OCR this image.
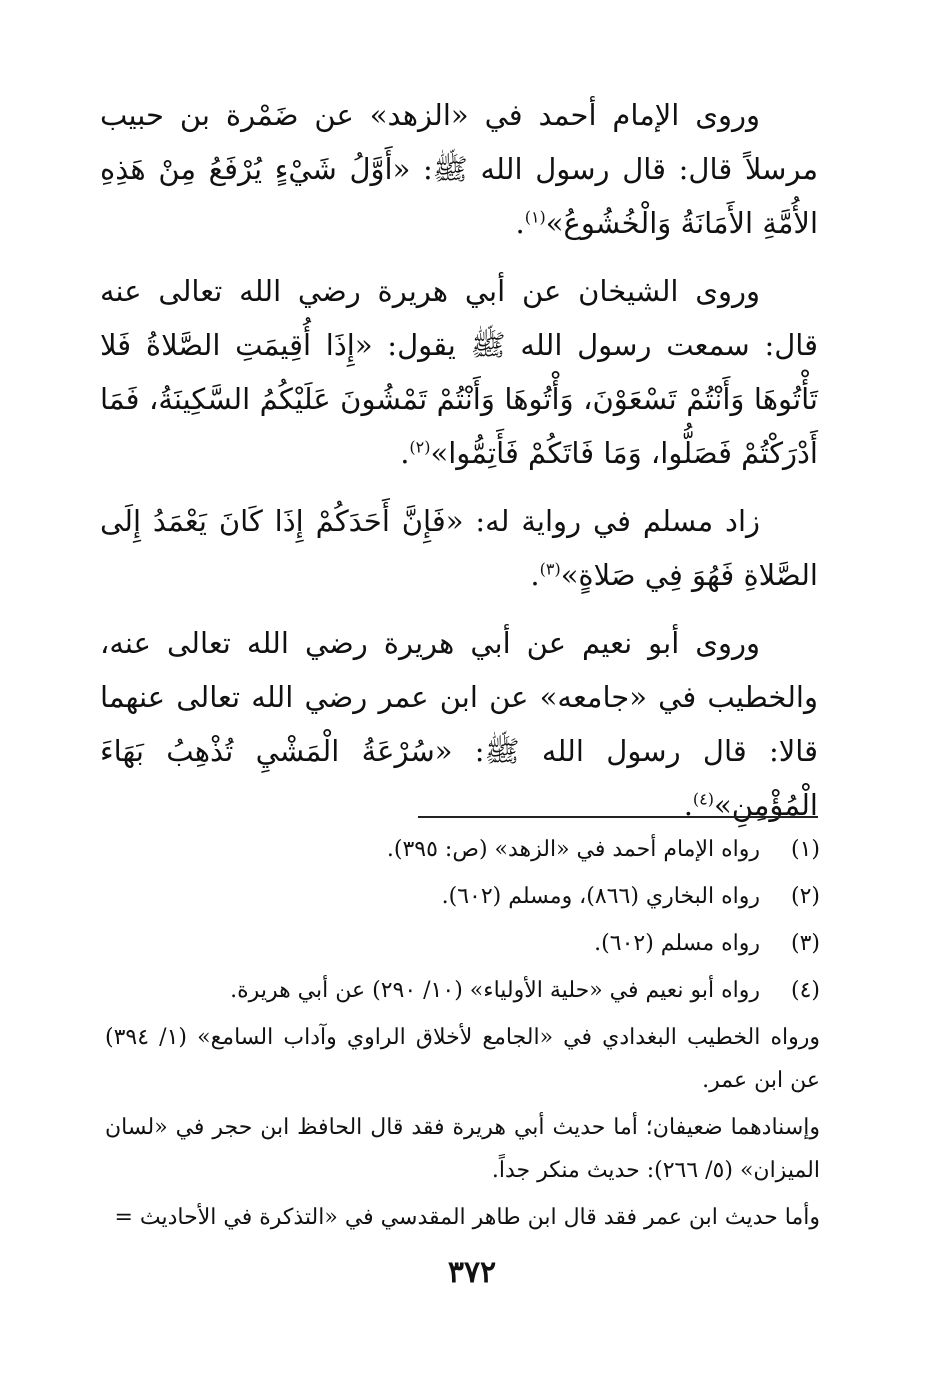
وروى الإمام أحمد في «الزهد» عن ضَمْرة بن حبيب مرسلاً قال: قال رسول الله ﷺ: «أَوَّلُ شَيْءٍ يُرْفَعُ مِنْ هَذِهِ الأُمَّةِ الأَمَانَةُ وَالْخُشُوعُ»$^{(١)}$.

وروى الشيخان عن أبي هريرة رضي الله تعالى عنه قال: سمعت رسول الله ﷺ يقول: «إِذَا أُقِيمَتِ الصَّلاةُ فَلا تَأْتُوهَا وَأَنْتُمْ تَسْعَوْنَ، وَأْتُوهَا وَأَنْتُمْ تَمْشُونَ عَلَيْكُمُ السَّكِينَةُ، فَمَا أَدْرَكْتُمْ فَصَلُّوا، وَمَا فَاتَكُمْ فَأَتِمُّوا»$^{(٢)}$.

زاد مسلم في رواية له: «فَإِنَّ أَحَدَكُمْ إِذَا كَانَ يَعْمَدُ إِلَى الصَّلاةِ فَهُوَ فِي صَلاةٍ»$^{(٣)}$.

وروى أبو نعيم عن أبي هريرة رضي الله تعالى عنه، والخطيب في «جامعه» عن ابن عمر رضي الله تعالى عنهما قالا: قال رسول الله ﷺ: «سُرْعَةُ الْمَشْيِ تُذْهِبُ بَهَاءَ الْمُؤْمِنِ»$^{(٤)}$.

(١)
رواه الإمام أحمد في «الزهد» (ص: ٣٩٥).
(٢)
رواه البخاري (٨٦٦)، ومسلم (٦٠٢).
(٣)
رواه مسلم (٦٠٢).
(٤)
رواه أبو نعيم في «حلية الأولياء» (١٠/ ٢٩٠) عن أبي هريرة.
ورواه الخطيب البغدادي في «الجامع لأخلاق الراوي وآداب السامع» (١/ ٣٩٤) عن ابن عمر.
وإسنادهما ضعيفان؛ أما حديث أبي هريرة فقد قال الحافظ ابن حجر في «لسان الميزان» (٥/ ٢٦٦): حديث منكر جداً.
وأما حديث ابن عمر فقد قال ابن طاهر المقدسي في «التذكرة في الأحاديث =
٣٧٢
